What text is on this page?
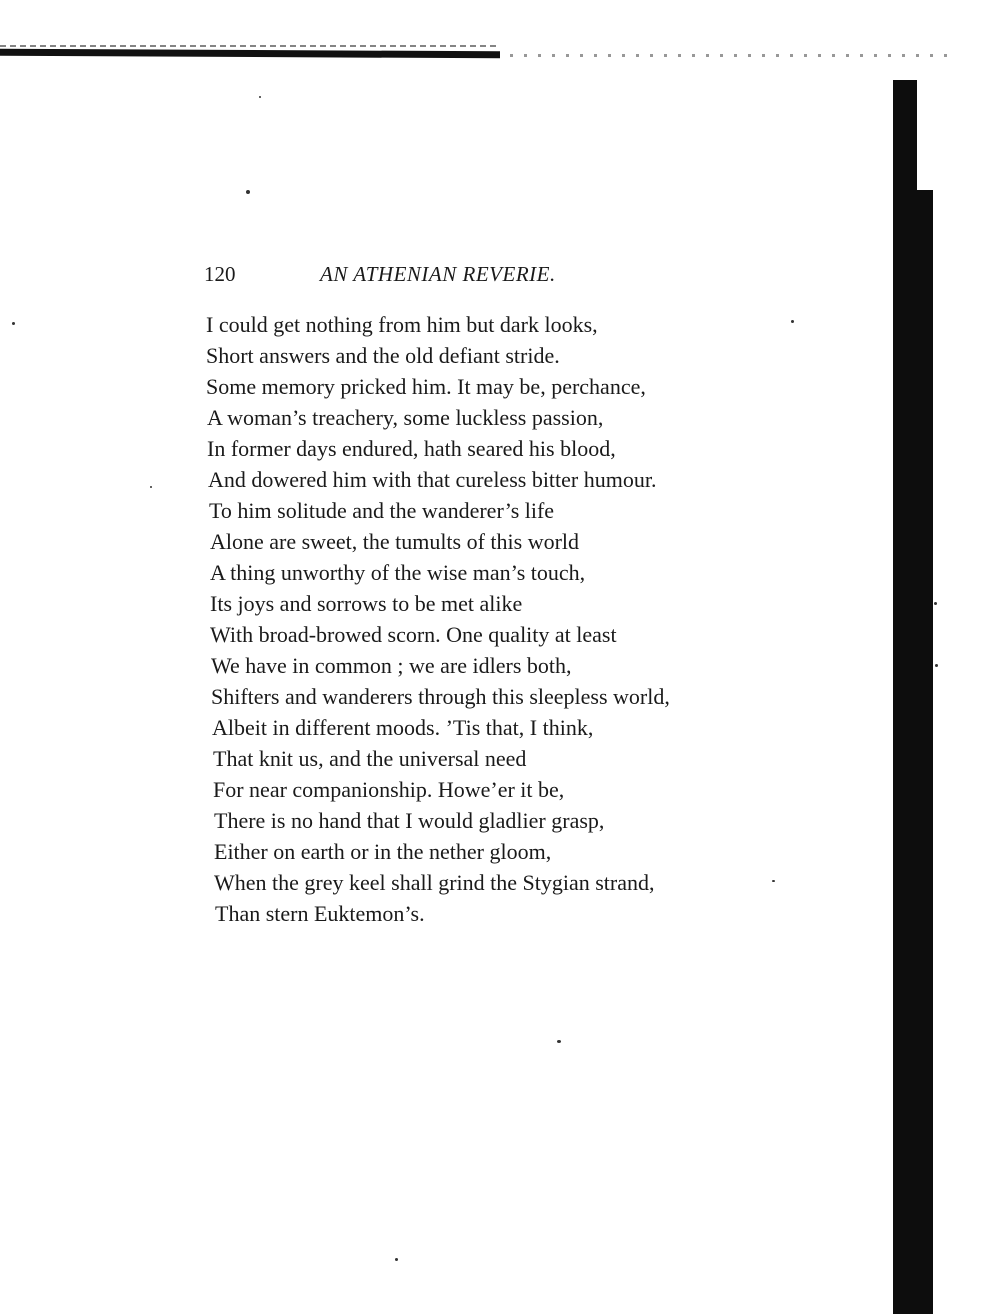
120	AN ATHENIAN REVERIE.
I could get nothing from him but dark looks,
Short answers and the old defiant stride.
Some memory pricked him. It may be, perchance,
A woman’s treachery, some luckless passion,
In former days endured, hath seared his blood,
And dowered him with that cureless bitter humour.
To him solitude and the wanderer’s life
Alone are sweet, the tumults of this world
A thing unworthy of the wise man’s touch,
Its joys and sorrows to be met alike
With broad-browed scorn. One quality at least
We have in common ; we are idlers both,
Shifters and wanderers through this sleepless world,
Albeit in different moods. ’Tis that, I think,
That knit us, and the universal need
For near companionship. Howe’er it be,
There is no hand that I would gladlier grasp,
Either on earth or in the nether gloom,
When the grey keel shall grind the Stygian strand,
Than stern Euktemon’s.
